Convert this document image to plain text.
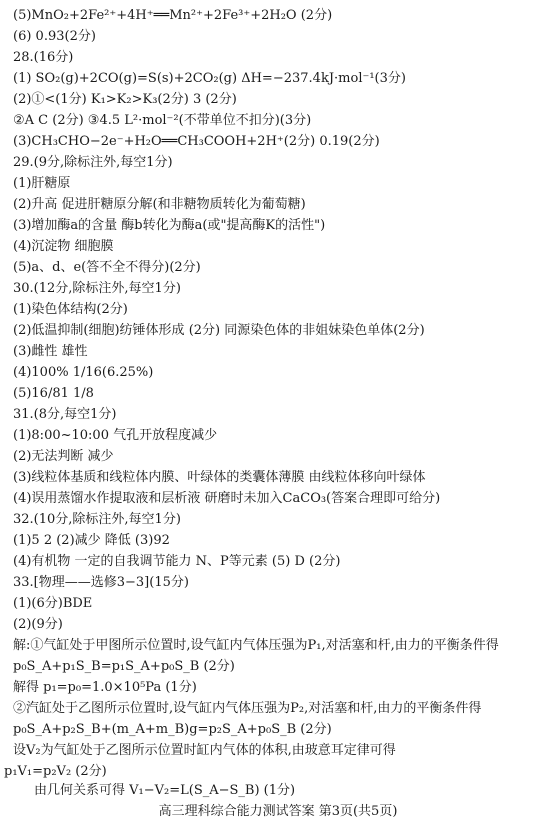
(5)MnO₂+2Fe²⁺+4H⁺══Mn²⁺+2Fe³⁺+2H₂O (2分)
(6) 0.93(2分)
28.(16分)
(1) SO₂(g)+2CO(g)=S(s)+2CO₂(g) ΔH=−237.4kJ·mol⁻¹(3分)
(2)①<(1分) K₁>K₂>K₃(2分) 3 (2分)
②A C (2分) ③4.5 L²·mol⁻²(不带单位不扣分)(3分)
(3)CH₃CHO−2e⁻+H₂O══CH₃COOH+2H⁺(2分) 0.19(2分)
29.(9分,除标注外,每空1分)
(1)肝糖原
(2)升高 促进肝糖原分解(和非糖物质转化为葡萄糖)
(3)增加酶a的含量 酶b转化为酶a(或"提高酶K的活性")
(4)沉淀物 细胞膜
(5)a、d、e(答不全不得分)(2分)
30.(12分,除标注外,每空1分)
(1)染色体结构(2分)
(2)低温抑制(细胞)纺锤体形成 (2分) 同源染色体的非姐妹染色单体(2分)
(3)雌性 雄性
(4)100% 1/16(6.25%)
(5)16/81 1/8
31.(8分,每空1分)
(1)8:00~10:00 气孔开放程度减少
(2)无法判断 减少
(3)线粒体基质和线粒体内膜、叶绿体的类囊体薄膜 由线粒体移向叶绿体
(4)误用蒸馏水作提取液和层析液 研磨时未加入CaCO₃(答案合理即可给分)
32.(10分,除标注外,每空1分)
(1)5 2 (2)减少 降低 (3)92
(4)有机物 一定的自我调节能力 N、P等元素 (5) D (2分)
33.[物理——选修3−3](15分)
(1)(6分)BDE
(2)(9分)
解:①气缸处于甲图所示位置时,设气缸内气体压强为P₁,对活塞和杆,由力的平衡条件得
p₀S_A+p₁S_B=p₁S_A+p₀S_B (2分)
解得 p₁=p₀=1.0×10⁵Pa (1分)
②汽缸处于乙图所示位置时,设气缸内气体压强为P₂,对活塞和杆,由力的平衡条件得
p₀S_A+p₂S_B+(m_A+m_B)g=p₂S_A+p₀S_B (2分)
设V₂为气缸处于乙图所示位置时缸内气体的体积,由玻意耳定律可得
p₁V₁=p₂V₂ (2分)
由几何关系可得 V₁−V₂=L(S_A−S_B) (1分)
高三理科综合能力测试答案 第3页(共5页)
